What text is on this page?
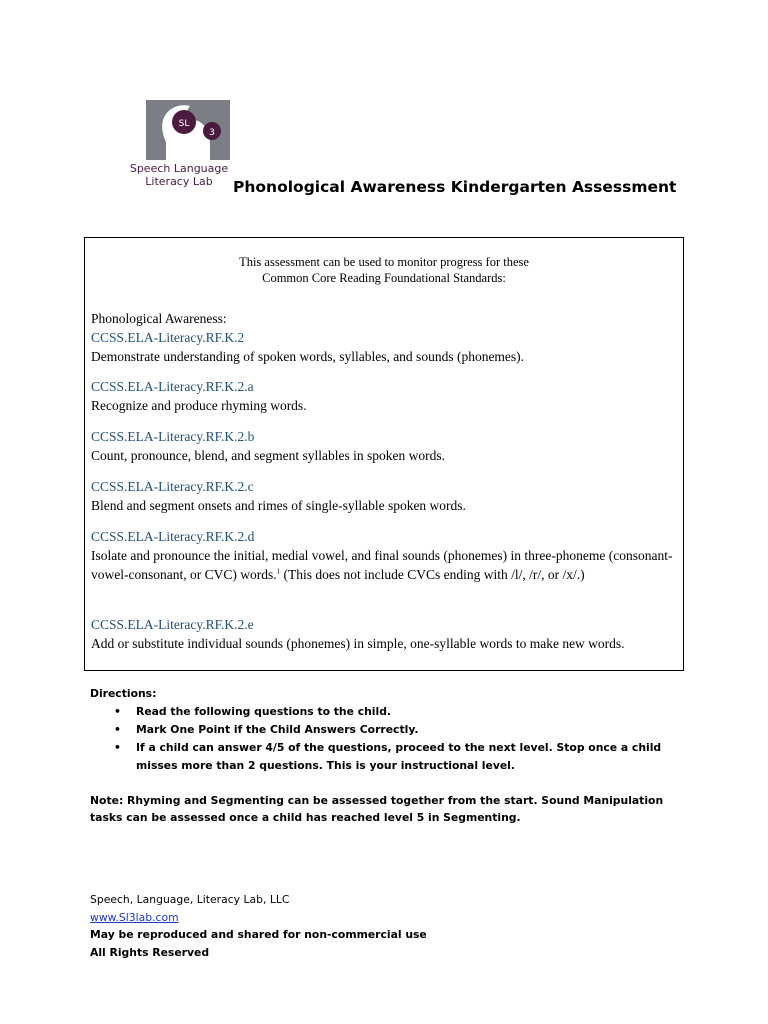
SL
3
Speech Language
Literacy Lab	Phonological Awareness Kindergarten Assessment
This assessment can be used to monitor progress for these
Common Core Reading Foundational Standards:
Phonological Awareness:
CCSS.ELA-Literacy.RF.K.2
Demonstrate understanding of spoken words, syllables, and sounds (phonemes).
CCSS.ELA-Literacy.RF.K.2.a
Recognize and produce rhyming words.
CCSS.ELA-Literacy.RF.K.2.b
Count, pronounce, blend, and segment syllables in spoken words.
CCSS.ELA-Literacy.RF.K.2.c
Blend and segment onsets and rimes of single-syllable spoken words.
CCSS.ELA-Literacy.RF.K.2.d
Isolate and pronounce the initial, medial vowel, and final sounds (phonemes) in three-phoneme (consonant-vowel-consonant, or CVC) words.$^1$ (This does not include CVCs ending with /l/, /r/, or /x/.)
CCSS.ELA-Literacy.RF.K.2.e
Add or substitute individual sounds (phonemes) in simple, one-syllable words to make new words.
Directions:
• Read the following questions to the child.
• Mark One Point if the Child Answers Correctly.
• If a child can answer 4/5 of the questions, proceed to the next level. Stop once a child misses more than 2 questions. This is your instructional level.
Note: Rhyming and Segmenting can be assessed together from the start. Sound Manipulation tasks can be assessed once a child has reached level 5 in Segmenting.
Speech, Language, Literacy Lab, LLC
www.Sl3lab.com
May be reproduced and shared for non-commercial use
All Rights Reserved
